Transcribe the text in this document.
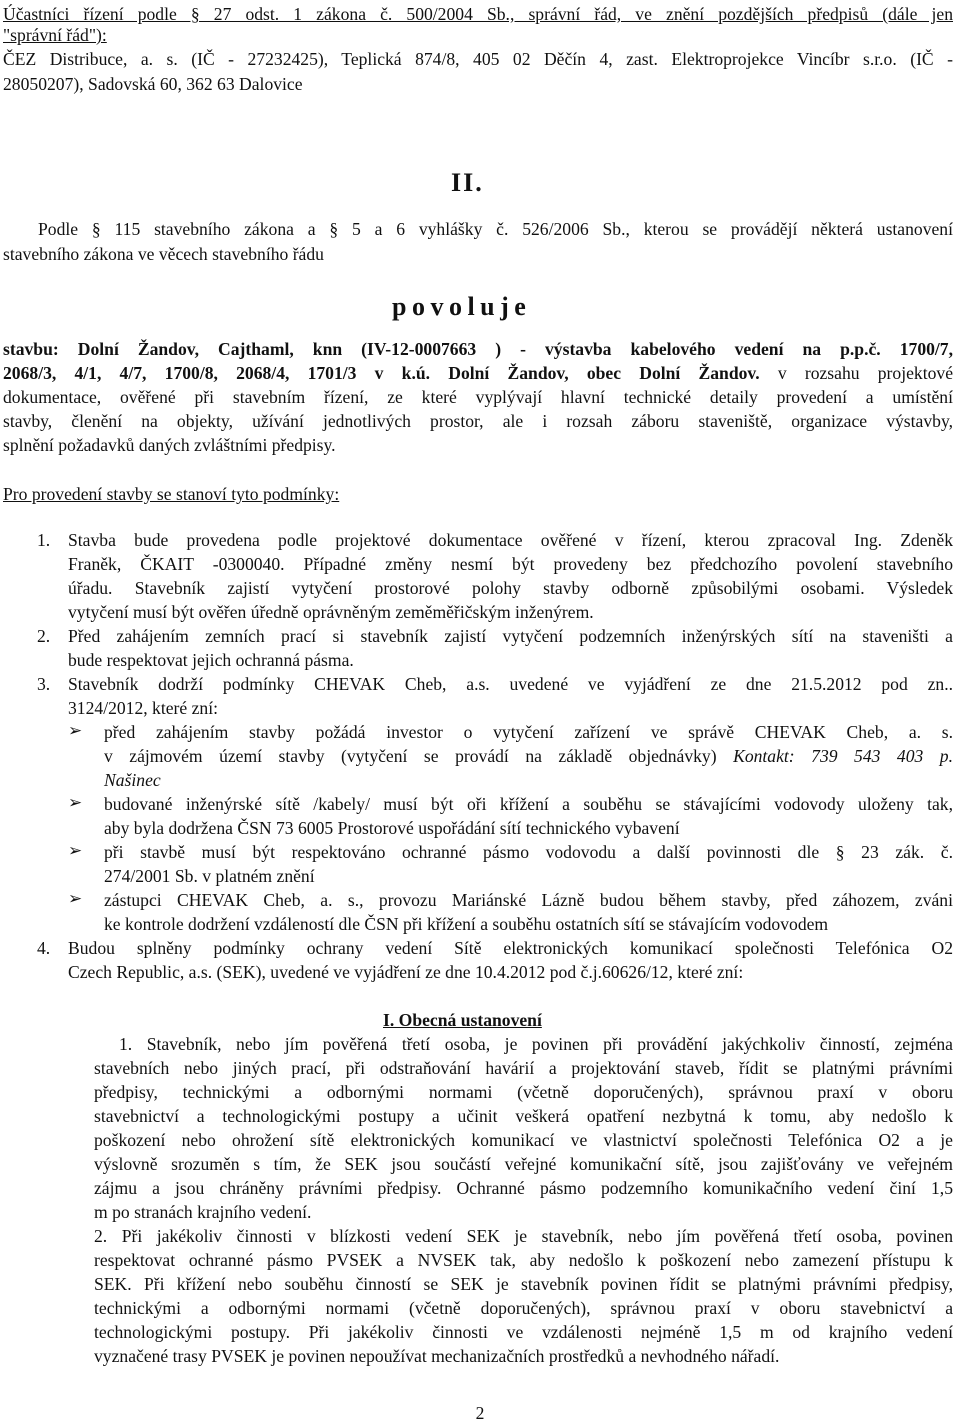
Účastníci řízení podle § 27 odst. 1 zákona č. 500/2004 Sb., správní řád, ve znění pozdějších předpisů (dále jen
"správní řád"):
ČEZ Distribuce, a. s. (IČ - 27232425), Teplická 874/8, 405 02 Děčín 4, zast. Elektroprojekce Vincíbr s.r.o. (IČ -
28050207), Sadovská 60, 362 63 Dalovice
II.
Podle § 115 stavebního zákona a § 5 a 6 vyhlášky č. 526/2006 Sb., kterou se provádějí některá ustanovení
stavebního zákona ve věcech stavebního řádu
povoluje
stavbu: Dolní Žandov, Cajthaml, knn (IV-12-0007663 ) - výstavba kabelového vedení na p.p.č. 1700/7,
2068/3, 4/1, 4/7, 1700/8, 2068/4, 1701/3 v k.ú. Dolní Žandov, obec Dolní Žandov. v rozsahu projektové
dokumentace, ověřené při stavebním řízení, ze které vyplývají hlavní technické detaily provedení a umístění
stavby, členění na objekty, užívání jednotlivých prostor, ale i rozsah záboru staveniště, organizace výstavby,
splnění požadavků daných zvláštními předpisy.
Pro provedení stavby se stanoví tyto podmínky:
1. Stavba bude provedena podle projektové dokumentace ověřené v řízení, kterou zpracoval Ing. Zdeněk
Franěk, ČKAIT -0300040. Případné změny nesmí být provedeny bez předchozího povolení stavebního
úřadu. Stavebník zajistí vytyčení prostorové polohy stavby odborně způsobilými osobami. Výsledek
vytyčení musí být ověřen úředně oprávněným zeměměřičským inženýrem.
2. Před zahájením zemních prací si stavebník zajistí vytyčení podzemních inženýrských sítí na staveništi a
bude respektovat jejich ochranná pásma.
3. Stavebník dodrží podmínky CHEVAK Cheb, a.s. uvedené ve vyjádření ze dne 21.5.2012 pod zn..
3124/2012, které zní:
➢ před zahájením stavby požádá investor o vytyčení zařízení ve správě CHEVAK Cheb, a. s.
v zájmovém území stavby (vytyčení se provádí na základě objednávky) Kontakt: 739 543 403 p.
Našinec
➢ budované inženýrské sítě /kabely/ musí být oři křížení a souběhu se stávajícími vodovody uloženy tak,
aby byla dodržena ČSN 73 6005 Prostorové uspořádání sítí technického vybavení
➢ při stavbě musí být respektováno ochranné pásmo vodovodu a další povinnosti dle § 23 zák. č.
274/2001 Sb. v platném znění
➢ zástupci CHEVAK Cheb, a. s., provozu Mariánské Lázně budou během stavby, před záhozem, zváni
ke kontrole dodržení vzdáleností dle ČSN při křížení a souběhu ostatních sítí se stávajícím vodovodem
4. Budou splněny podmínky ochrany vedení Sítě elektronických komunikací společnosti Telefónica O2
Czech Republic, a.s. (SEK), uvedené ve vyjádření ze dne 10.4.2012 pod č.j.60626/12, které zní:
I. Obecná ustanovení
1. Stavebník, nebo jím pověřená třetí osoba, je povinen při provádění jakýchkoliv činností, zejména
stavebních nebo jiných prací, při odstraňování havárií a projektování staveb, řídit se platnými právními
předpisy, technickými a odbornými normami (včetně doporučených), správnou praxí v oboru
stavebnictví a technologickými postupy a učinit veškerá opatření nezbytná k tomu, aby nedošlo k
poškození nebo ohrožení sítě elektronických komunikací ve vlastnictví společnosti Telefónica O2 a je
výslovně srozuměn s tím, že SEK jsou součástí veřejné komunikační sítě, jsou zajišťovány ve veřejném
zájmu a jsou chráněny právními předpisy. Ochranné pásmo podzemního komunikačního vedení činí 1,5
m po stranách krajního vedení.
2. Při jakékoliv činnosti v blízkosti vedení SEK je stavebník, nebo jím pověřená třetí osoba, povinen
respektovat ochranné pásmo PVSEK a NVSEK tak, aby nedošlo k poškození nebo zamezení přístupu k
SEK. Při křížení nebo souběhu činností se SEK je stavebník povinen řídit se platnými právními předpisy,
technickými a odbornými normami (včetně doporučených), správnou praxí v oboru stavebnictví a
technologickými postupy. Při jakékoliv činnosti ve vzdálenosti nejméně 1,5 m od krajního vedení
vyznačené trasy PVSEK je povinen nepoužívat mechanizačních prostředků a nevhodného nářadí.
2
